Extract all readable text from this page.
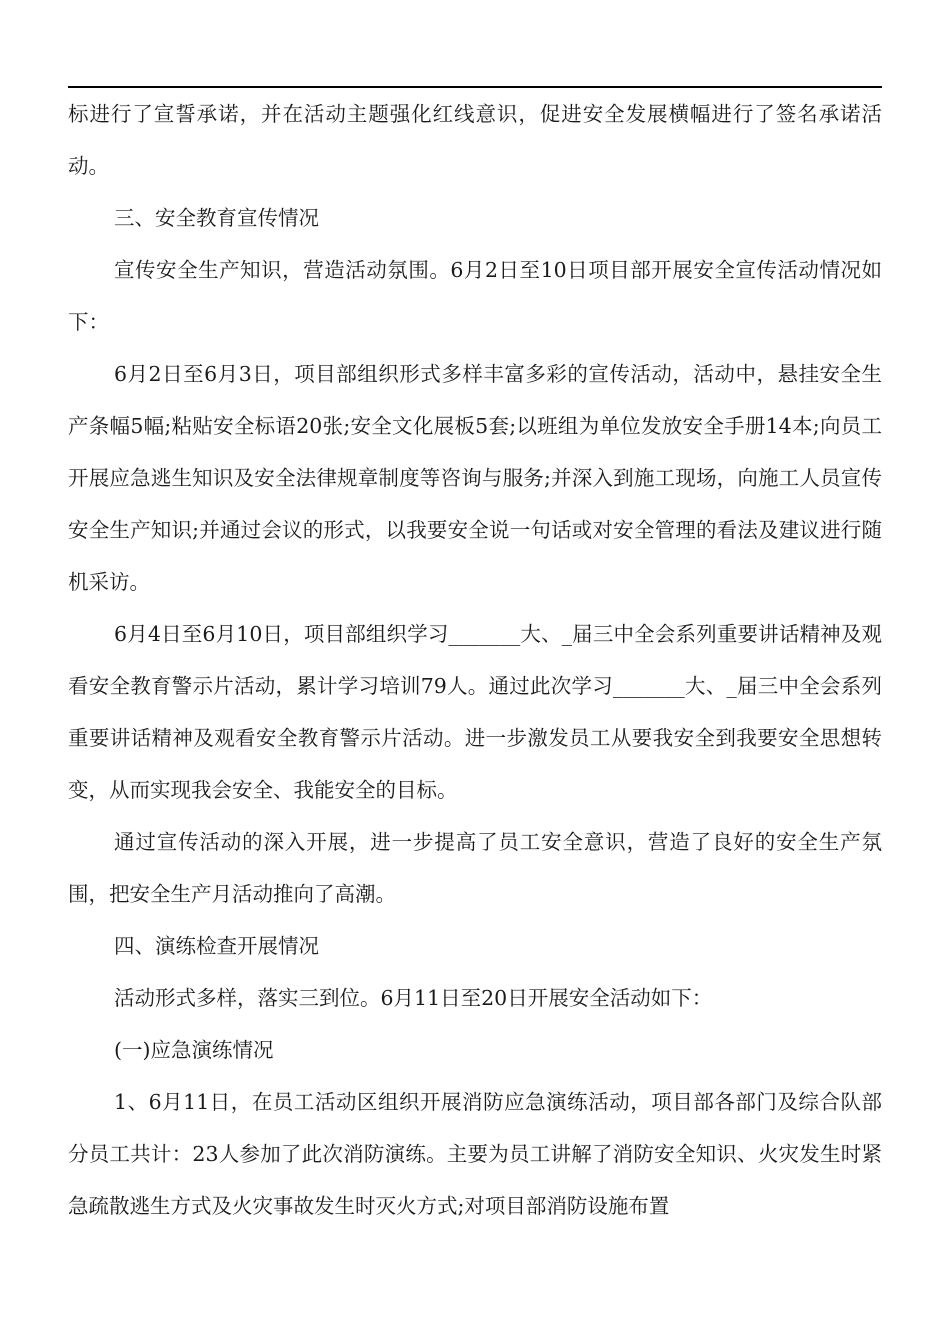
标进行了宣誓承诺，并在活动主题强化红线意识，促进安全发展横幅进行了签名承诺活动。

三、安全教育宣传情况

宣传安全生产知识，营造活动氛围。6月2日至10日项目部开展安全宣传活动情况如下：

6月2日至6月3日，项目部组织形式多样丰富多彩的宣传活动，活动中，悬挂安全生产条幅5幅;粘贴安全标语20张;安全文化展板5套;以班组为单位发放安全手册14本;向员工开展应急逃生知识及安全法律规章制度等咨询与服务;并深入到施工现场，向施工人员宣传安全生产知识;并通过会议的形式，以我要安全说一句话或对安全管理的看法及建议进行随机采访。

6月4日至6月10日，项目部组织学习_______大、_届三中全会系列重要讲话精神及观看安全教育警示片活动，累计学习培训79人。通过此次学习_______大、_届三中全会系列重要讲话精神及观看安全教育警示片活动。进一步激发员工从要我安全到我要安全思想转变，从而实现我会安全、我能安全的目标。

通过宣传活动的深入开展，进一步提高了员工安全意识，营造了良好的安全生产氛围，把安全生产月活动推向了高潮。

四、演练检查开展情况

活动形式多样，落实三到位。6月11日至20日开展安全活动如下：

(一)应急演练情况

1、6月11日，在员工活动区组织开展消防应急演练活动，项目部各部门及综合队部分员工共计：23人参加了此次消防演练。主要为员工讲解了消防安全知识、火灾发生时紧急疏散逃生方式及火灾事故发生时灭火方式;对项目部消防设施布置
